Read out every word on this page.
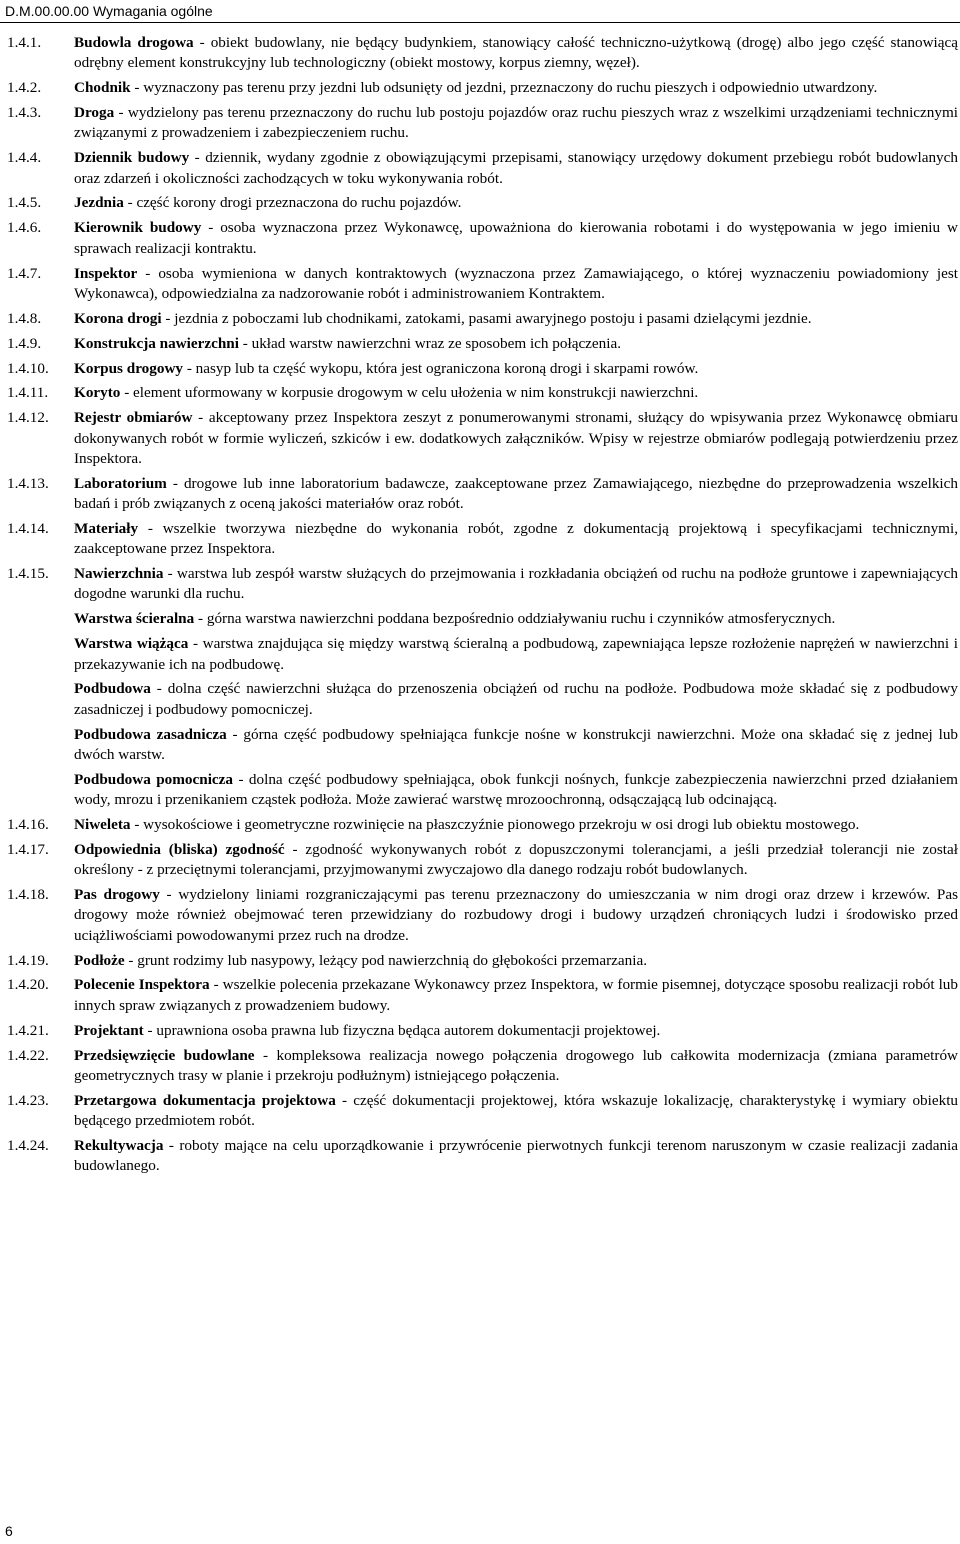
D.M.00.00.00 Wymagania ogólne
1.4.1.	Budowla drogowa - obiekt budowlany, nie będący budynkiem, stanowiący całość techniczno-użytkową (drogę) albo jego część stanowiącą odrębny element konstrukcyjny lub technologiczny (obiekt mostowy, korpus ziemny, węzeł).
1.4.2.	Chodnik - wyznaczony pas terenu przy jezdni lub odsunięty od jezdni, przeznaczony do ruchu pieszych i odpowiednio utwardzony.
1.4.3.	Droga - wydzielony pas terenu przeznaczony do ruchu lub postoju pojazdów oraz ruchu pieszych wraz z wszelkimi urządzeniami technicznymi związanymi z prowadzeniem i zabezpieczeniem ruchu.
1.4.4.	Dziennik budowy - dziennik, wydany zgodnie z obowiązującymi przepisami, stanowiący urzędowy dokument przebiegu robót budowlanych oraz zdarzeń i okoliczności zachodzących w toku wykonywania robót.
1.4.5.	Jezdnia - część korony drogi przeznaczona do ruchu pojazdów.
1.4.6.	Kierownik budowy - osoba wyznaczona przez Wykonawcę, upoważniona do kierowania robotami i do występowania w jego imieniu w sprawach realizacji kontraktu.
1.4.7.	Inspektor - osoba wymieniona w danych kontraktowych (wyznaczona przez Zamawiającego, o której wyznaczeniu powiadomiony jest Wykonawca), odpowiedzialna za nadzorowanie robót i administrowaniem Kontraktem.
1.4.8.	Korona drogi - jezdnia z poboczami lub chodnikami, zatokami, pasami awaryjnego postoju i pasami dzielącymi jezdnie.
1.4.9.	Konstrukcja nawierzchni - układ warstw nawierzchni wraz ze sposobem ich połączenia.
1.4.10.	Korpus drogowy - nasyp lub ta część wykopu, która jest ograniczona koroną drogi i skarpami rowów.
1.4.11.	Koryto - element uformowany w korpusie drogowym w celu ułożenia w nim konstrukcji nawierzchni.
1.4.12.	Rejestr obmiarów - akceptowany przez Inspektora zeszyt z ponumerowanymi stronami, służący do wpisywania przez Wykonawcę obmiaru dokonywanych robót w formie wyliczeń, szkiców i ew. dodatkowych załączników. Wpisy w rejestrze obmiarów podlegają potwierdzeniu przez Inspektora.
1.4.13.	Laboratorium - drogowe lub inne laboratorium badawcze, zaakceptowane przez Zamawiającego, niezbędne do przeprowadzenia wszelkich badań i prób związanych z oceną jakości materiałów oraz robót.
1.4.14.	Materiały - wszelkie tworzywa niezbędne do wykonania robót, zgodne z dokumentacją projektową i specyfikacjami technicznymi, zaakceptowane przez Inspektora.
1.4.15.	Nawierzchnia - warstwa lub zespół warstw służących do przejmowania i rozkładania obciążeń od ruchu na podłoże gruntowe i zapewniających dogodne warunki dla ruchu.
Warstwa ścieralna - górna warstwa nawierzchni poddana bezpośrednio oddziaływaniu ruchu i czynników atmosferycznych.
Warstwa wiążąca - warstwa znajdująca się między warstwą ścieralną a podbudową, zapewniająca lepsze rozłożenie naprężeń w nawierzchni i przekazywanie ich na podbudowę.
Podbudowa - dolna część nawierzchni służąca do przenoszenia obciążeń od ruchu na podłoże. Podbudowa może składać się z podbudowy zasadniczej i podbudowy pomocniczej.
Podbudowa zasadnicza - górna część podbudowy spełniająca funkcje nośne w konstrukcji nawierzchni. Może ona składać się z jednej lub dwóch warstw.
Podbudowa pomocnicza - dolna część podbudowy spełniająca, obok funkcji nośnych, funkcje zabezpieczenia nawierzchni przed działaniem wody, mrozu i przenikaniem cząstek podłoża. Może zawierać warstwę mrozoochronną, odsączającą lub odcinającą.
1.4.16.	Niweleta - wysokościowe i geometryczne rozwinięcie na płaszczyźnie pionowego przekroju w osi drogi lub obiektu mostowego.
1.4.17.	Odpowiednia (bliska) zgodność - zgodność wykonywanych robót z dopuszczonymi tolerancjami, a jeśli przedział tolerancji nie został określony - z przeciętnymi tolerancjami, przyjmowanymi zwyczajowo dla danego rodzaju robót budowlanych.
1.4.18.	Pas drogowy - wydzielony liniami rozgraniczającymi pas terenu przeznaczony do umieszczania w nim drogi oraz drzew i krzewów. Pas drogowy może również obejmować teren przewidziany do rozbudowy drogi i budowy urządzeń chroniących ludzi i środowisko przed uciążliwościami powodowanymi przez ruch na drodze.
1.4.19.	Podłoże - grunt rodzimy lub nasypowy, leżący pod nawierzchnią do głębokości przemarzania.
1.4.20.	Polecenie Inspektora - wszelkie polecenia przekazane Wykonawcy przez Inspektora, w formie pisemnej, dotyczące sposobu realizacji robót lub innych spraw związanych z prowadzeniem budowy.
1.4.21.	Projektant - uprawniona osoba prawna lub fizyczna będąca autorem dokumentacji projektowej.
1.4.22.	Przedsięwzięcie budowlane - kompleksowa realizacja nowego połączenia drogowego lub całkowita modernizacja (zmiana parametrów geometrycznych trasy w planie i przekroju podłużnym) istniejącego połączenia.
1.4.23.	Przetargowa dokumentacja projektowa - część dokumentacji projektowej, która wskazuje lokalizację, charakterystykę i wymiary obiektu będącego przedmiotem robót.
1.4.24.	Rekultywacja - roboty mające na celu uporządkowanie i przywrócenie pierwotnych funkcji terenom naruszonym w czasie realizacji zadania budowlanego.
6
